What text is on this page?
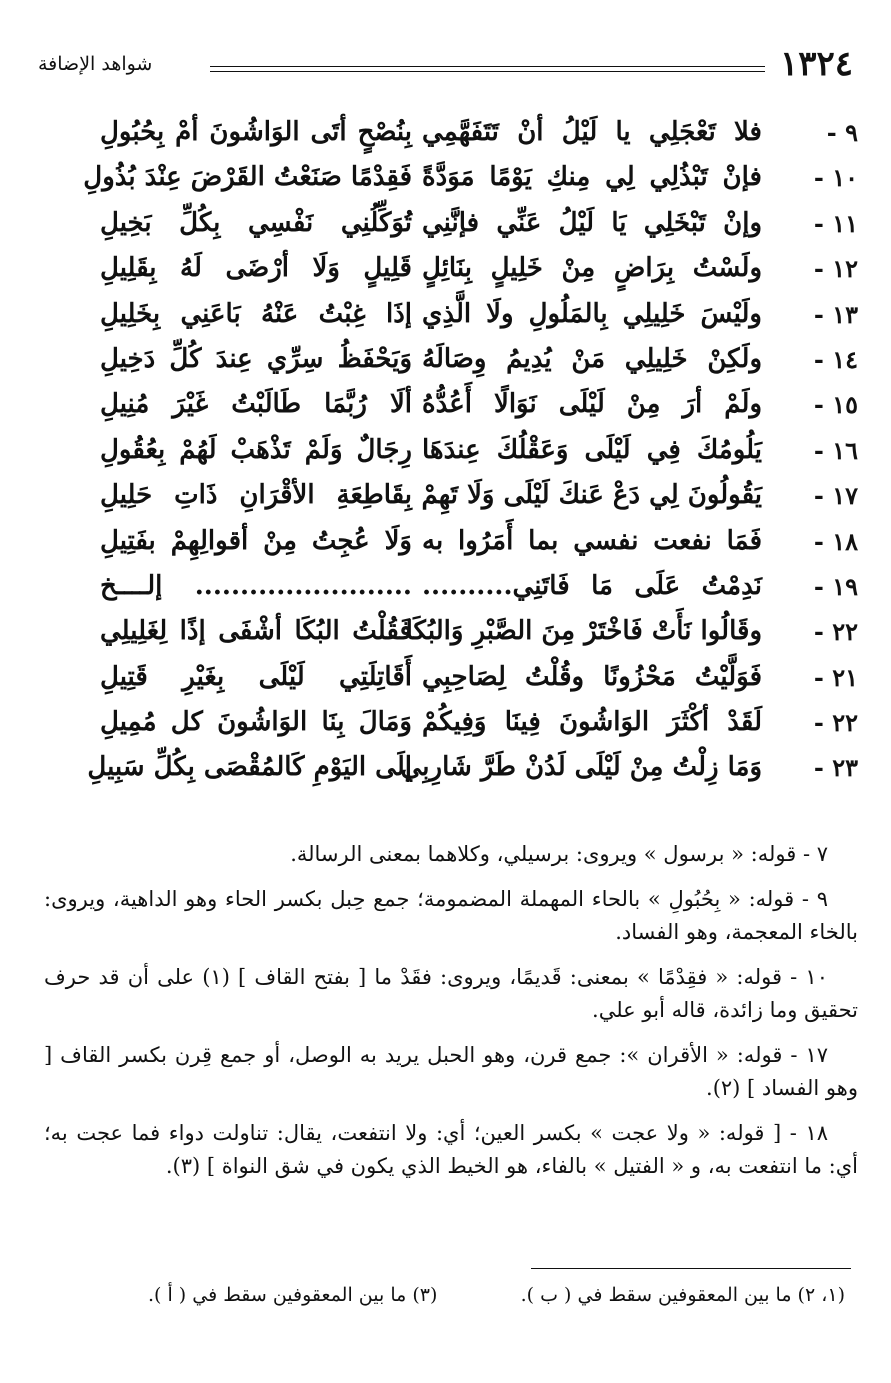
١٣٢٤
شواهد الإضافة
٩ -
فلا تَعْجَلِي يا لَيْلُ أنْ تَتَفَهَّمِي
بِنُصْحٍ أتَى الوَاشُونَ أمْ بِحُبُولِ
١٠ -
فإنْ تَبْذُلِي لِي مِنكِ يَوْمًا مَوَدَّةً
فَقِدْمًا صَنَعْتُ القَرْضَ عِنْدَ بُذُولِ
١١ -
وإنْ تَبْخَلِي يَا لَيْلُ عَنِّي فإنَّنِي
تُوَكِّلُنِي نَفْسِي بِكُلِّ بَخِيلِ
١٢ -
ولَسْتُ بِرَاضٍ مِنْ خَلِيلٍ بِنَائِلٍ
قَلِيلٍ وَلَا أرْضَى لَهُ بِقَلِيلِ
١٣ -
ولَيْسَ خَلِيلِي بِالمَلُولِ ولَا الَّذِي
إذَا غِبْتُ عَنْهُ بَاعَنِي بِخَلِيلِ
١٤ -
ولَكِنْ خَلِيلِي مَنْ يُدِيمُ وِصَالَهُ
وَيَحْفَظُ سِرِّي عِندَ كُلِّ دَخِيلِ
١٥ -
ولَمْ أرَ مِنْ لَيْلَى نَوَالًا أَعُدُّهُ
ألَا رُبَّمَا طَالَبْتُ غَيْرَ مُنِيلِ
١٦ -
يَلُومُكَ فِي لَيْلَى وَعَقْلُكَ عِندَهَا
رِجَالٌ وَلَمْ تَذْهَبْ لَهُمْ بِعُقُولِ
١٧ -
يَقُولُونَ لِي دَعْ عَنكَ لَيْلَى وَلَا تَهِمْ
بِقَاطِعَةِ الأقْرَانِ ذَاتِ حَلِيلِ
١٨ -
فَمَا نفعت نفسي بما أَمَرُوا به
وَلَا عُجِتُ مِنْ أقوالِهِمْ بفَتِيلِ
١٩ -
نَدِمْتُ عَلَى مَا فَاتَنِي..........
........................ إلــــخ
٢٢ -
وقَالُوا نَأَتْ فَاخْتَرْ مِنَ الصَّبْرِ وَالبُكَا
فَقُلْتُ البُكَا أشْفَى إذًا لِغَلِيلِي
٢١ -
فَوَلَّيْتُ مَحْزُونًا وقُلْتُ لِصَاحِبِي
أَقَاتِلَتِي لَيْلَى بِغَيْرِ قَتِيلِ
٢٢ -
لَقَدْ أكْثَرَ الوَاشُونَ فِينَا وَفِيكُمْ
وَمَالَ بِنَا الوَاشُونَ كل مُمِيلِ
٢٣ -
وَمَا زِلْتُ مِنْ لَيْلَى لَدُنْ طَرَّ شَارِبِي
إلَى اليَوْمِ كَالمُقْصَى بِكُلِّ سَبِيلِ

٧ - قوله: « برسول » ويروى: برسيلي، وكلاهما بمعنى الرسالة.

٩ - قوله: « بِحُبُولِ » بالحاء المهملة المضمومة؛ جمع حِبل بكسر الحاء وهو الداهية، ويروى: بالخاء المعجمة، وهو الفساد.

١٠ - قوله: « فقِدْمًا » بمعنى: قَديمًا، ويروى: فقَدْ ما [ بفتح القاف ] (١) على أن قد حرف تحقيق وما زائدة، قاله أبو علي.

١٧ - قوله: « الأقران »: جمع قرن، وهو الحبل يريد به الوصل، أو جمع قِرن بكسر القاف [ وهو الفساد ] (٢).

١٨ - [ قوله: « ولا عجت » بكسر العين؛ أي: ولا انتفعت، يقال: تناولت دواء فما عجت به؛ أي: ما انتفعت به، و « الفتيل » بالفاء، هو الخيط الذي يكون في شق النواة ] (٣).

(١، ٢) ما بين المعقوفين سقط في ( ب ).
(٣) ما بين المعقوفين سقط في ( أ ).
